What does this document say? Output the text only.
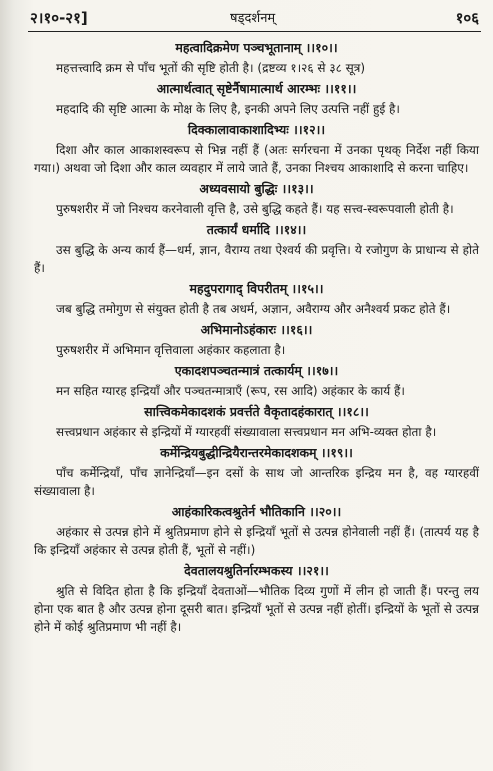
२।१०-२१]	षड्दर्शनम्	१०६
महत्वादिक्रमेण पञ्चभूतानाम् ।।१०।।

महत्तत्त्वादि क्रम से पाँच भूतों की सृष्टि होती है। (द्रष्टव्य १।२६ से ३८ सूत्र)

आत्मार्थत्वात् सृष्टेर्नैषामात्मार्थ आरम्भः ।।११।।

महदादि की सृष्टि आत्मा के मोक्ष के लिए है, इनकी अपने लिए उत्पत्ति नहीं हुई है।

दिक्कालावाकाशादिभ्यः ।।१२।।

दिशा और काल आकाशस्वरूप से भिन्न नहीं हैं (अतः सर्गरचना में उनका पृथक् निर्देश नहीं किया गया।) अथवा जो दिशा और काल व्यवहार में लाये जाते हैं, उनका निश्चय आकाशादि से करना चाहिए।

अध्यवसायो बुद्धिः ।।१३।।

पुरुषशरीर में जो निश्चय करनेवाली वृत्ति है, उसे बुद्धि कहते हैं। यह सत्त्व-स्वरूपवाली होती है।

तत्कार्यं धर्मादि ।।१४।।

उस बुद्धि के अन्य कार्य हैं—धर्म, ज्ञान, वैराग्य तथा ऐश्वर्य की प्रवृत्ति। ये रजोगुण के प्राधान्य से होते हैं।

महदुपरागाद् विपरीतम् ।।१५।।

जब बुद्धि तमोगुण से संयुक्त होती है तब अधर्म, अज्ञान, अवैराग्य और अनैश्वर्य प्रकट होते हैं।

अभिमानोऽहंकारः ।।१६।।

पुरुषशरीर में अभिमान वृत्तिवाला अहंकार कहलाता है।

एकादशपञ्चतन्मात्रं तत्कार्यम् ।।१७।।

मन सहित ग्यारह इन्द्रियाँ और पञ्चतन्मात्राएँ (रूप, रस आदि) अहंकार के कार्य हैं।

सात्त्विकमेकादशकं प्रवर्त्तते वैकृतादहंकारात् ।।१८।।

सत्त्वप्रधान अहंकार से इन्द्रियों में ग्यारहवीं संख्यावाला सत्त्वप्रधान मन अभि-व्यक्त होता है।

कर्मेन्द्रियबुद्धीन्द्रियैरान्तरमेकादशकम् ।।१९।।

पाँच कर्मेन्द्रियाँ, पाँच ज्ञानेन्द्रियाँ—इन दसों के साथ जो आन्तरिक इन्द्रिय मन है, वह ग्यारहवीं संख्यावाला है।

आहंकारिकत्वश्रुतेर्न भौतिकानि ।।२०।।

अहंकार से उत्पन्न होने में श्रुतिप्रमाण होने से इन्द्रियाँ भूतों से उत्पन्न होनेवाली नहीं हैं। (तात्पर्य यह है कि इन्द्रियाँ अहंकार से उत्पन्न होती हैं, भूतों से नहीं।)

देवतालयश्रुतिर्नारम्भकस्य ।।२१।।

श्रुति से विदित होता है कि इन्द्रियाँ देवताओं—भौतिक दिव्य गुणों में लीन हो जाती हैं। परन्तु लय होना एक बात है और उत्पन्न होना दूसरी बात। इन्द्रियाँ भूतों से उत्पन्न नहीं होतीं। इन्द्रियों के भूतों से उत्पन्न होने में कोई श्रुतिप्रमाण भी नहीं है।
